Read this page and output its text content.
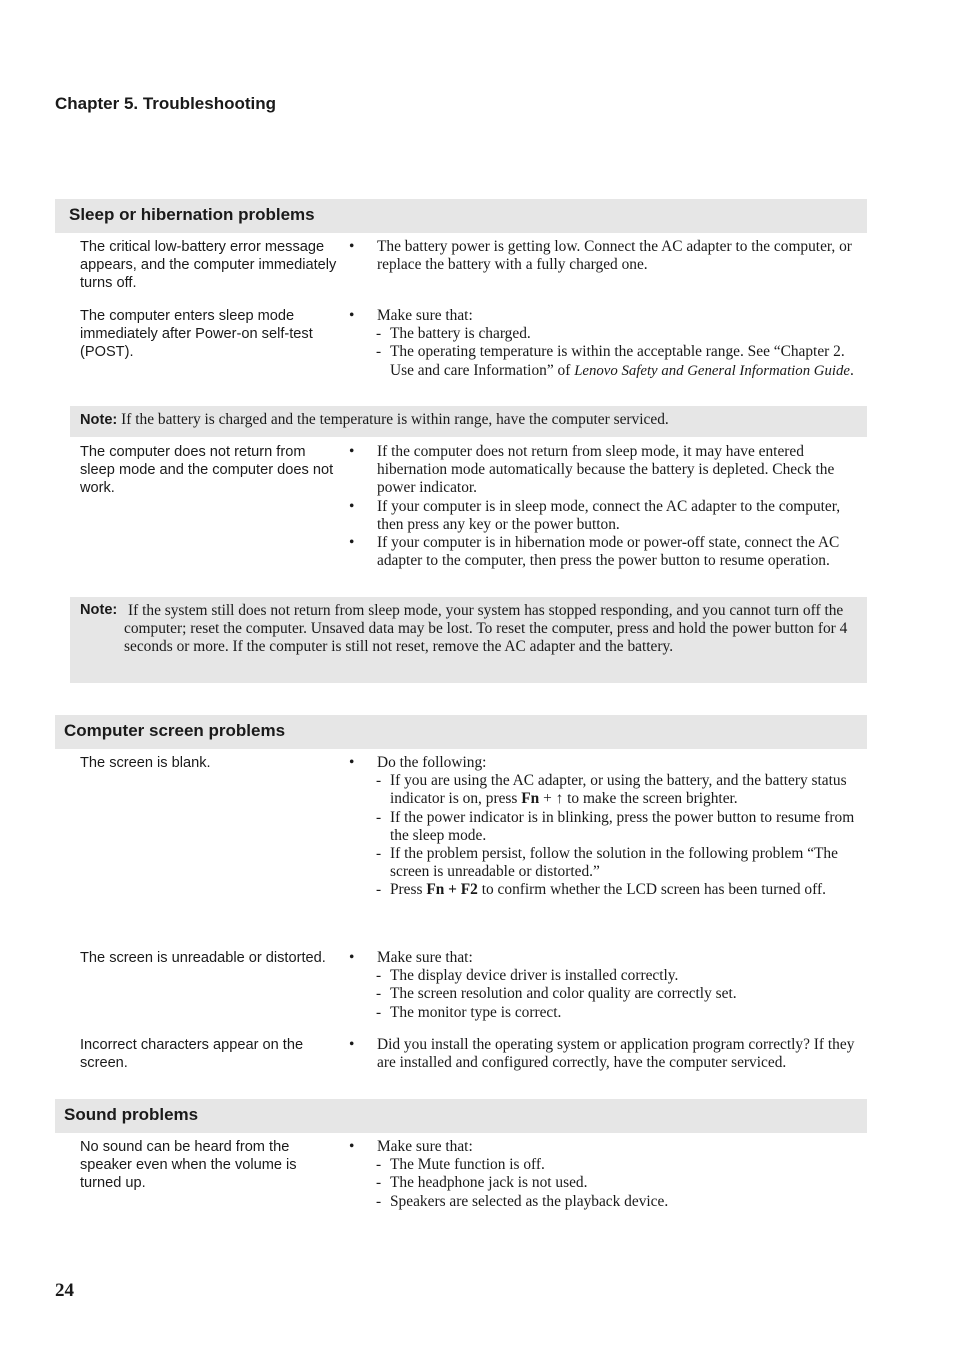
Chapter 5. Troubleshooting
Sleep or hibernation problems
The critical low-battery error message appears, and the computer immediately turns off.
• The battery power is getting low. Connect the AC adapter to the computer, or replace the battery with a fully charged one.
The computer enters sleep mode immediately after Power-on self-test (POST).
• Make sure that:
- The battery is charged.
- The operating temperature is within the acceptable range. See “Chapter 2. Use and care Information” of Lenovo Safety and General Information Guide.
Note: If the battery is charged and the temperature is within range, have the computer serviced.
The computer does not return from sleep mode and the computer does not work.
• If the computer does not return from sleep mode, it may have entered hibernation mode automatically because the battery is depleted. Check the power indicator.
• If your computer is in sleep mode, connect the AC adapter to the computer, then press any key or the power button.
• If your computer is in hibernation mode or power-off state, connect the AC adapter to the computer, then press the power button to resume operation.
Note: If the system still does not return from sleep mode, your system has stopped responding, and you cannot turn off the computer; reset the computer. Unsaved data may be lost. To reset the computer, press and hold the power button for 4 seconds or more. If the computer is still not reset, remove the AC adapter and the battery.
Computer screen problems
The screen is blank.	• Do the following:
- If you are using the AC adapter, or using the battery, and the battery status indicator is on, press Fn + ↑ to make the screen brighter.
- If the power indicator is in blinking, press the power button to resume from the sleep mode.
- If the problem persist, follow the solution in the following problem “The screen is unreadable or distorted.”
- Press Fn + F2 to confirm whether the LCD screen has been turned off.
The screen is unreadable or distorted.	• Make sure that:
- The display device driver is installed correctly.
- The screen resolution and color quality are correctly set.
- The monitor type is correct.
Incorrect characters appear on the screen.
• Did you install the operating system or application program correctly? If they are installed and configured correctly, have the computer serviced.
Sound problems
No sound can be heard from the speaker even when the volume is turned up.
• Make sure that:
- The Mute function is off.
- The headphone jack is not used.
- Speakers are selected as the playback device.
24
